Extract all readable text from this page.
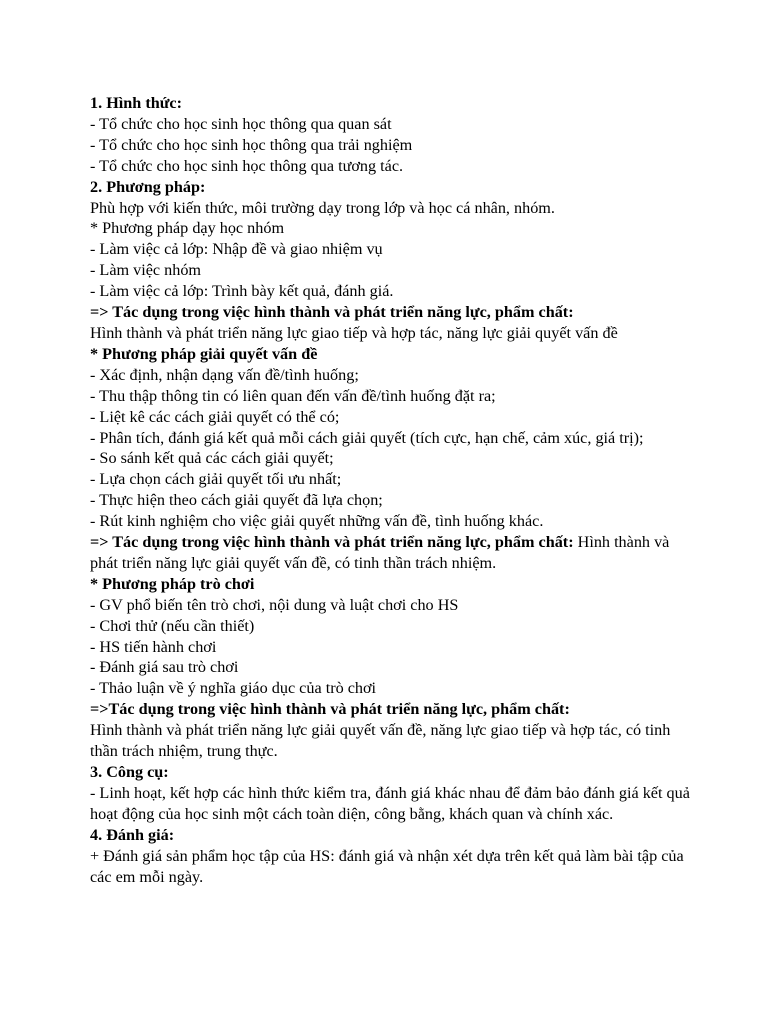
1. Hình thức:
- Tổ chức cho học sinh học thông qua quan sát
- Tổ chức cho học sinh học thông qua trải nghiệm
- Tổ chức cho học sinh học thông qua tương tác.
2. Phương pháp:
Phù hợp với kiến thức, môi trường dạy trong lớp và học cá nhân, nhóm.
* Phương pháp dạy học nhóm
- Làm việc cả lớp: Nhập đề và giao nhiệm vụ
- Làm việc nhóm
- Làm việc cả lớp: Trình bày kết quả, đánh giá.
=> Tác dụng trong việc hình thành và phát triển năng lực, phẩm chất:
Hình thành và phát triển năng lực giao tiếp và hợp tác, năng lực giải quyết vấn đề
* Phương pháp giải quyết vấn đề
- Xác định, nhận dạng vấn đề/tình huống;
- Thu thập thông tin có liên quan đến vấn đề/tình huống đặt ra;
- Liệt kê các cách giải quyết có thể có;
- Phân tích, đánh giá kết quả mỗi cách giải quyết (tích cực, hạn chế, cảm xúc, giá trị);
- So sánh kết quả các cách giải quyết;
- Lựa chọn cách giải quyết tối ưu nhất;
- Thực hiện theo cách giải quyết đã lựa chọn;
- Rút kinh nghiệm cho việc giải quyết những vấn đề, tình huống khác.
=> Tác dụng trong việc hình thành và phát triển năng lực, phẩm chất: Hình thành và phát triển năng lực giải quyết vấn đề, có tinh thần trách nhiệm.
* Phương pháp trò chơi
- GV phổ biến tên trò chơi, nội dung và luật chơi cho HS
- Chơi thử (nếu cần thiết)
- HS tiến hành chơi
- Đánh giá sau trò chơi
- Thảo luận về ý nghĩa giáo dục của trò chơi
=>Tác dụng trong việc hình thành và phát triển năng lực, phẩm chất:
Hình thành và phát triển năng lực giải quyết vấn đề, năng lực giao tiếp và hợp tác, có tinh thần trách nhiệm, trung thực.
3. Công cụ:
- Linh hoạt, kết hợp các hình thức kiểm tra, đánh giá khác nhau để đảm bảo đánh giá kết quả hoạt động của học sinh một cách toàn diện, công bằng, khách quan và chính xác.
4. Đánh giá:
+ Đánh giá sản phẩm học tập của HS: đánh giá và nhận xét dựa trên kết quả làm bài tập của các em mỗi ngày.
